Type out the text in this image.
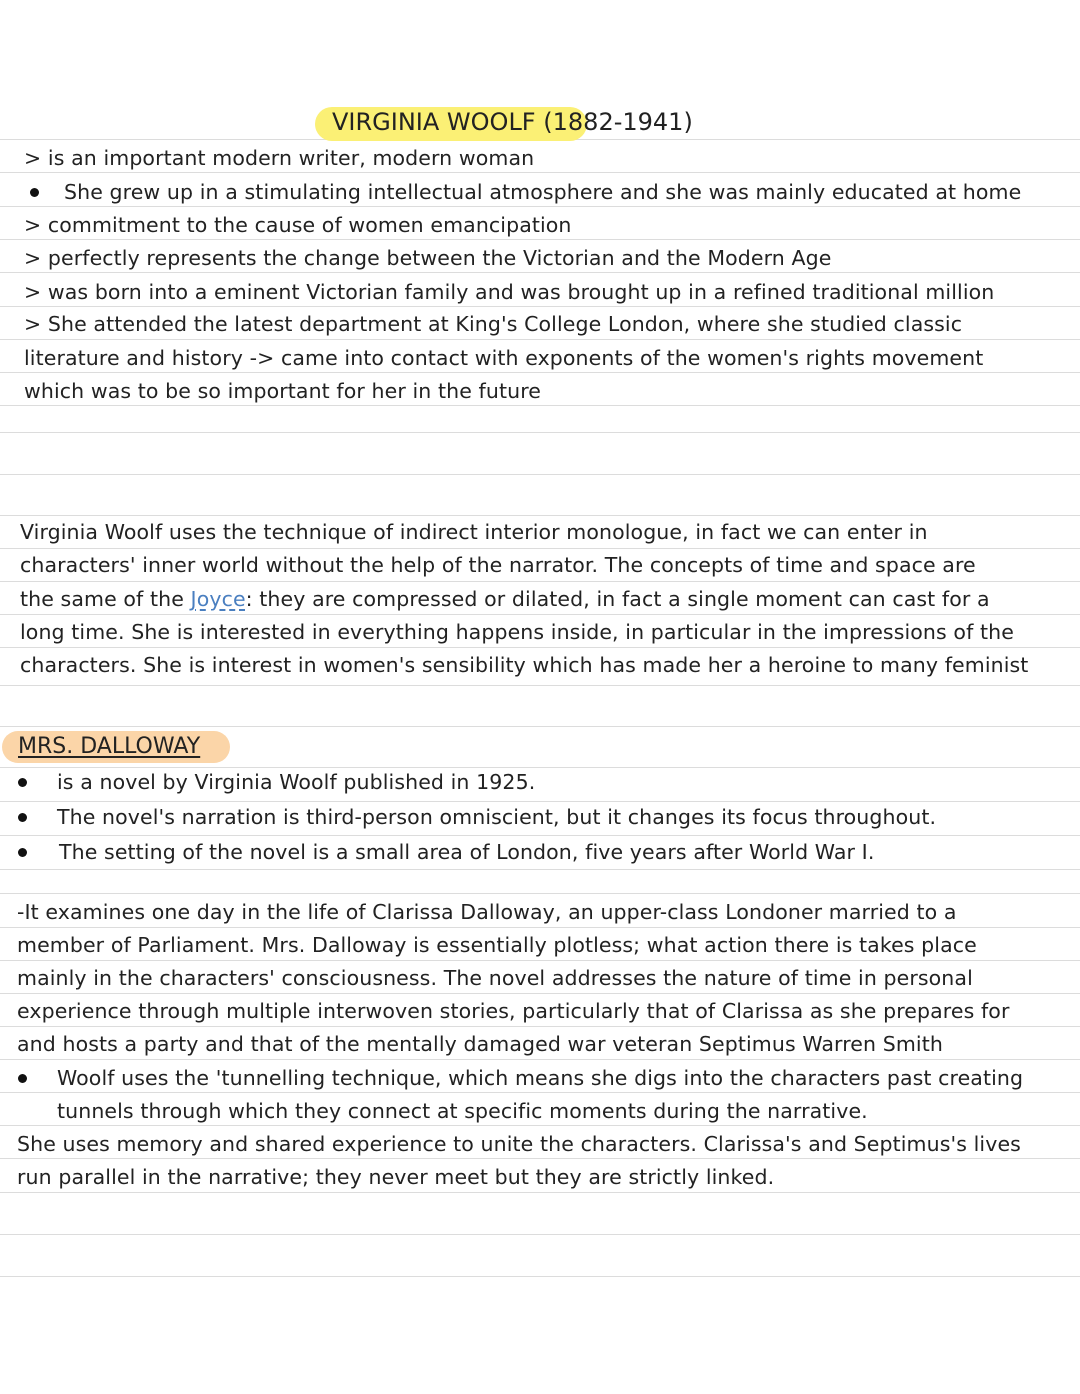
VIRGINIA WOOLF (1882-1941)
> is an important modern writer, modern woman
She grew up in a stimulating intellectual atmosphere and she was mainly educated at home
> commitment to the cause of women emancipation
> perfectly represents the change between the Victorian and the Modern Age
> was born into a eminent Victorian family and was brought up in a refined traditional million
> She attended the latest department at King's College London, where she studied classic
literature and history -> came into contact with exponents of the women's rights movement
which was to be so important for her in the future
Virginia Woolf uses the technique of indirect interior monologue, in fact we can enter in
characters' inner world without the help of the narrator. The concepts of time and space are
the same of the Joyce: they are compressed or dilated, in fact a single moment can cast for a
long time. She is interested in everything happens inside, in particular in the impressions of the
characters. She is interest in women's sensibility which has made her a heroine to many feminist
MRS. DALLOWAY
is a novel by Virginia Woolf published in 1925.
The novel's narration is third-person omniscient, but it changes its focus throughout.
The setting of the novel is a small area of London, five years after World War I.
-It examines one day in the life of Clarissa Dalloway, an upper-class Londoner married to a
member of Parliament. Mrs. Dalloway is essentially plotless; what action there is takes place
mainly in the characters' consciousness. The novel addresses the nature of time in personal
experience through multiple interwoven stories, particularly that of Clarissa as she prepares for
and hosts a party and that of the mentally damaged war veteran Septimus Warren Smith
Woolf uses the 'tunnelling technique, which means she digs into the characters past creating
tunnels through which they connect at specific moments during the narrative.
She uses memory and shared experience to unite the characters. Clarissa's and Septimus's lives
run parallel in the narrative; they never meet but they are strictly linked.
